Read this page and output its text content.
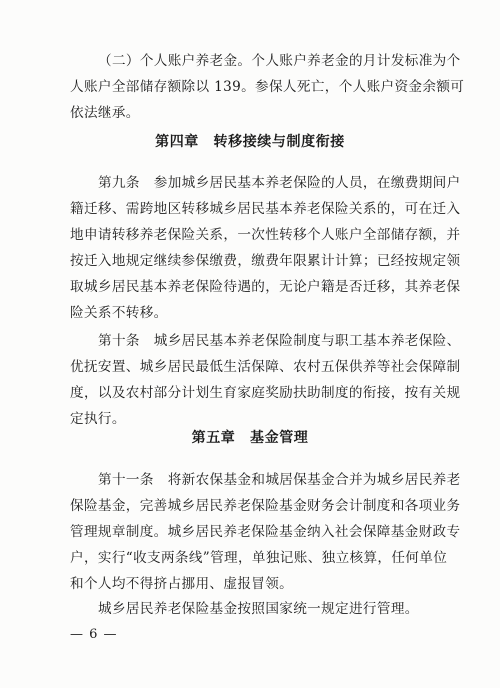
（二）个人账户养老金。个人账户养老金的月计发标准为个
人账户全部储存额除以 139。参保人死亡，个人账户资金余额可
依法继承。
第四章　转移接续与制度衔接
第九条　参加城乡居民基本养老保险的人员，在缴费期间户
籍迁移、需跨地区转移城乡居民基本养老保险关系的，可在迁入
地申请转移养老保险关系，一次性转移个人账户全部储存额，并
按迁入地规定继续参保缴费，缴费年限累计计算；已经按规定领
取城乡居民基本养老保险待遇的，无论户籍是否迁移，其养老保
险关系不转移。
第十条　城乡居民基本养老保险制度与职工基本养老保险、
优抚安置、城乡居民最低生活保障、农村五保供养等社会保障制
度，以及农村部分计划生育家庭奖励扶助制度的衔接，按有关规
定执行。
第五章　基金管理
第十一条　将新农保基金和城居保基金合并为城乡居民养老
保险基金，完善城乡居民养老保险基金财务会计制度和各项业务
管理规章制度。城乡居民养老保险基金纳入社会保障基金财政专
户，实行“收支两条线”管理，单独记账、独立核算，任何单位
和个人均不得挤占挪用、虚报冒领。
城乡居民养老保险基金按照国家统一规定进行管理。
— 6 —
